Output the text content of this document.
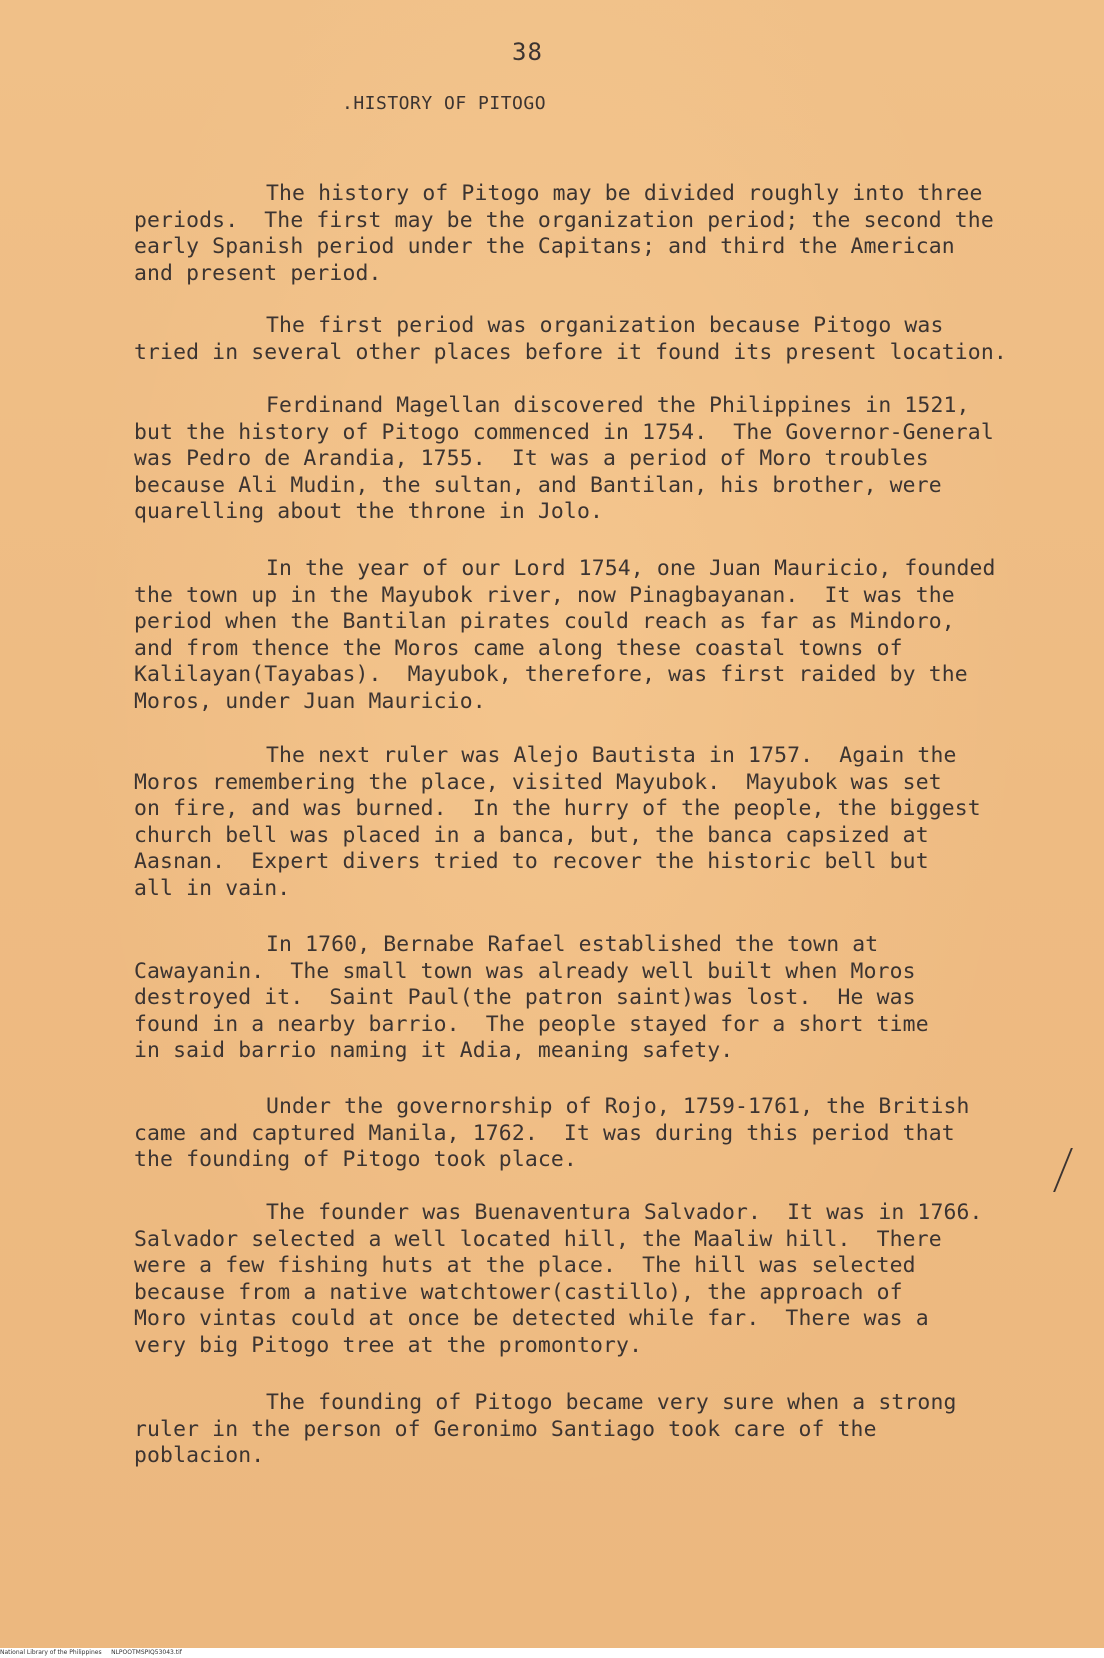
38
.HISTORY OF PITOGO
The history of Pitogo may be divided roughly into three
periods.  The first may be the organization period; the second the
early Spanish period under the Capitans; and third the American
and present period.
The first period was organization because Pitogo was
tried in several other places before it found its present location.
Ferdinand Magellan discovered the Philippines in 1521,
but the history of Pitogo commenced in 1754.  The Governor-General
was Pedro de Arandia, 1755.  It was a period of Moro troubles
because Ali Mudin, the sultan, and Bantilan, his brother, were
quarelling about the throne in Jolo.
In the year of our Lord 1754, one Juan Mauricio, founded
the town up in the Mayubok river, now Pinagbayanan.  It was the
period when the Bantilan pirates could reach as far as Mindoro,
and from thence the Moros came along these coastal towns of
Kalilayan(Tayabas).  Mayubok, therefore, was first raided by the
Moros, under Juan Mauricio.
The next ruler was Alejo Bautista in 1757.  Again the
Moros remembering the place, visited Mayubok.  Mayubok was set
on fire, and was burned.  In the hurry of the people, the biggest
church bell was placed in a banca, but, the banca capsized at
Aasnan.  Expert divers tried to recover the historic bell but
all in vain.
In 1760, Bernabe Rafael established the town at
Cawayanin.  The small town was already well built when Moros
destroyed it.  Saint Paul(the patron saint)was lost.  He was
found in a nearby barrio.  The people stayed for a short time
in said barrio naming it Adia, meaning safety.
Under the governorship of Rojo, 1759-1761, the British
came and captured Manila, 1762.  It was during this period that
the founding of Pitogo took place.
The founder was Buenaventura Salvador.  It was in 1766.
Salvador selected a well located hill, the Maaliw hill.  There
were a few fishing huts at the place.  The hill was selected
because from a native watchtower(castillo), the approach of
Moro vintas could at once be detected while far.  There was a
very big Pitogo tree at the promontory.
The founding of Pitogo became very sure when a strong
ruler in the person of Geronimo Santiago took care of the
poblacion.
National Library of the Philippines     NLPOOTMSPIQ53043.tif
